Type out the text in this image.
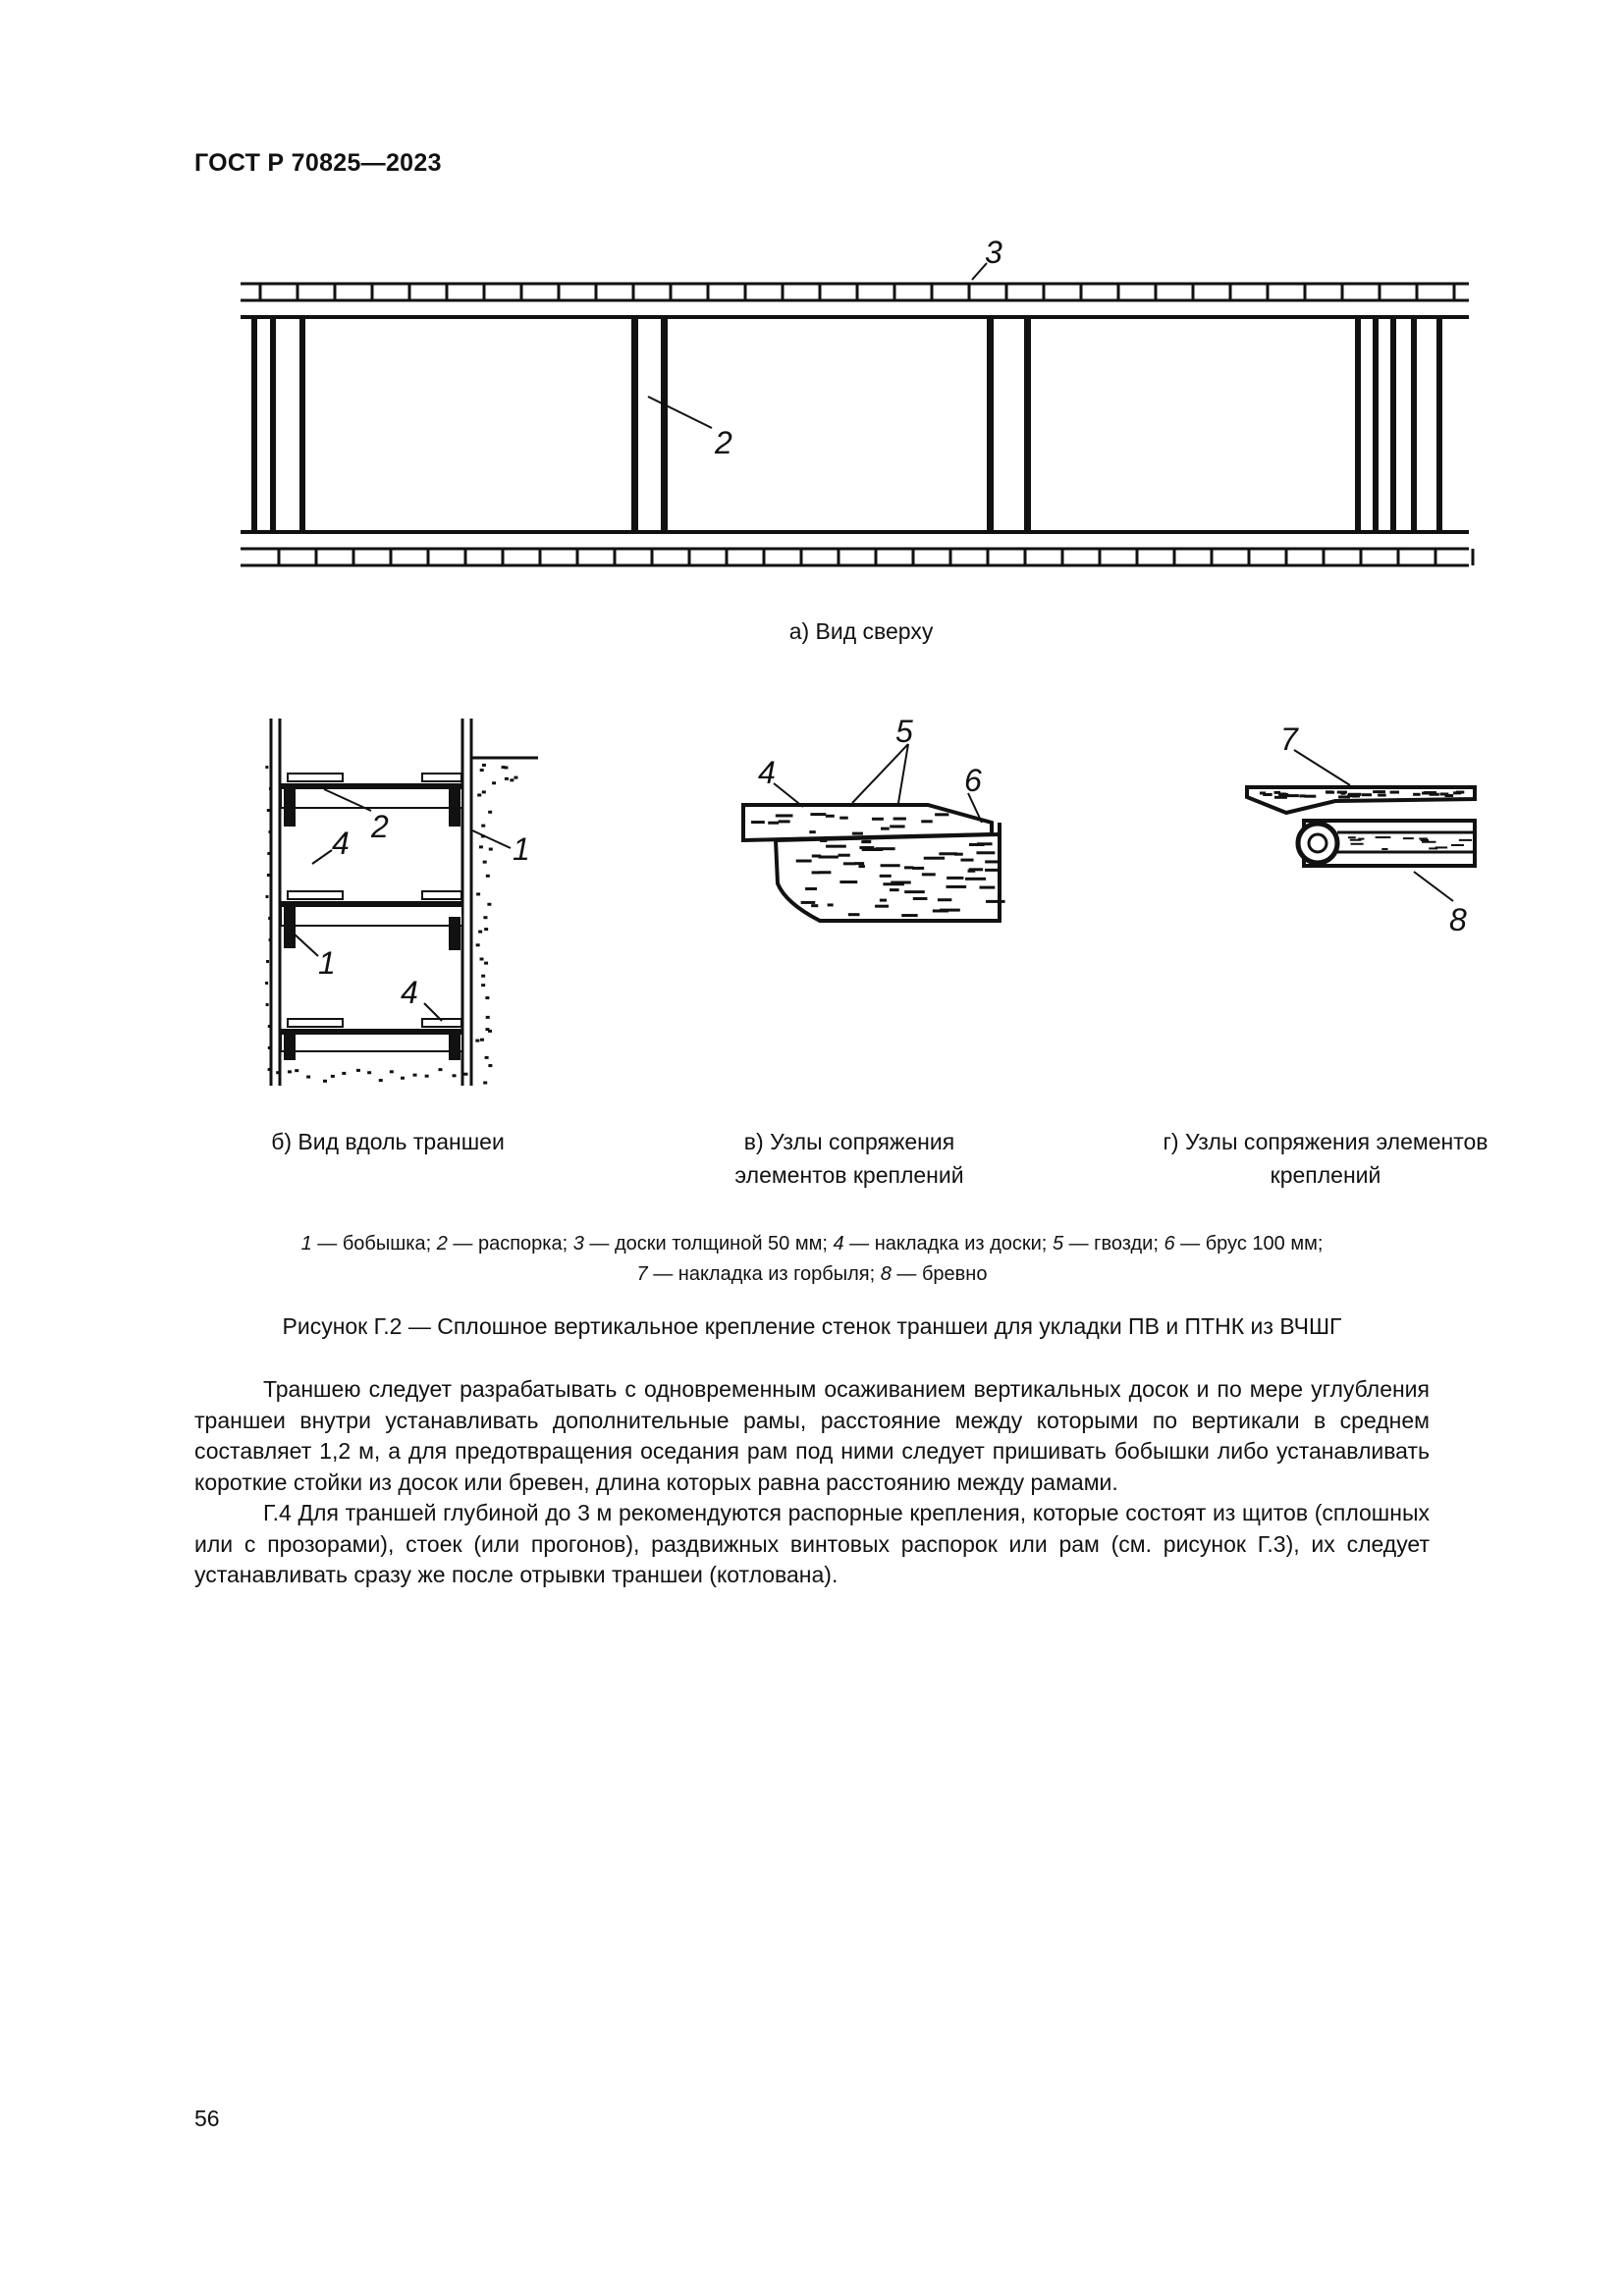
ГОСТ Р 70825—2023
3
2
а) Вид сверху
2
4	1
1
4
5
4	6
7
8
б) Вид вдоль траншеи	в) Узлы сопряжения
элементов креплений
г) Узлы сопряжения элементов
креплений
1 — бобышка; 2 — распорка; 3 — доски толщиной 50 мм; 4 — накладка из доски; 5 — гвозди; 6 — брус 100 мм;
7 — накладка из горбыля; 8 — бревно
Рисунок Г.2 — Сплошное вертикальное крепление стенок траншеи для укладки ПВ и ПТНК из ВЧШГ
Траншею следует разрабатывать с одновременным осаживанием вертикальных досок и по мере углубления траншеи внутри устанавливать дополнительные рамы, расстояние между которыми по вертикали в среднем составляет 1,2 м, а для предотвращения оседания рам под ними следует пришивать бобышки либо устанавливать короткие стойки из досок или бревен, длина которых равна расстоянию между рамами.
Г.4 Для траншей глубиной до 3 м рекомендуются распорные крепления, которые состоят из щитов (сплошных или с прозорами), стоек (или прогонов), раздвижных винтовых распорок или рам (см. рисунок Г.3), их следует устанавливать сразу же после отрывки траншеи (котлована).
56
